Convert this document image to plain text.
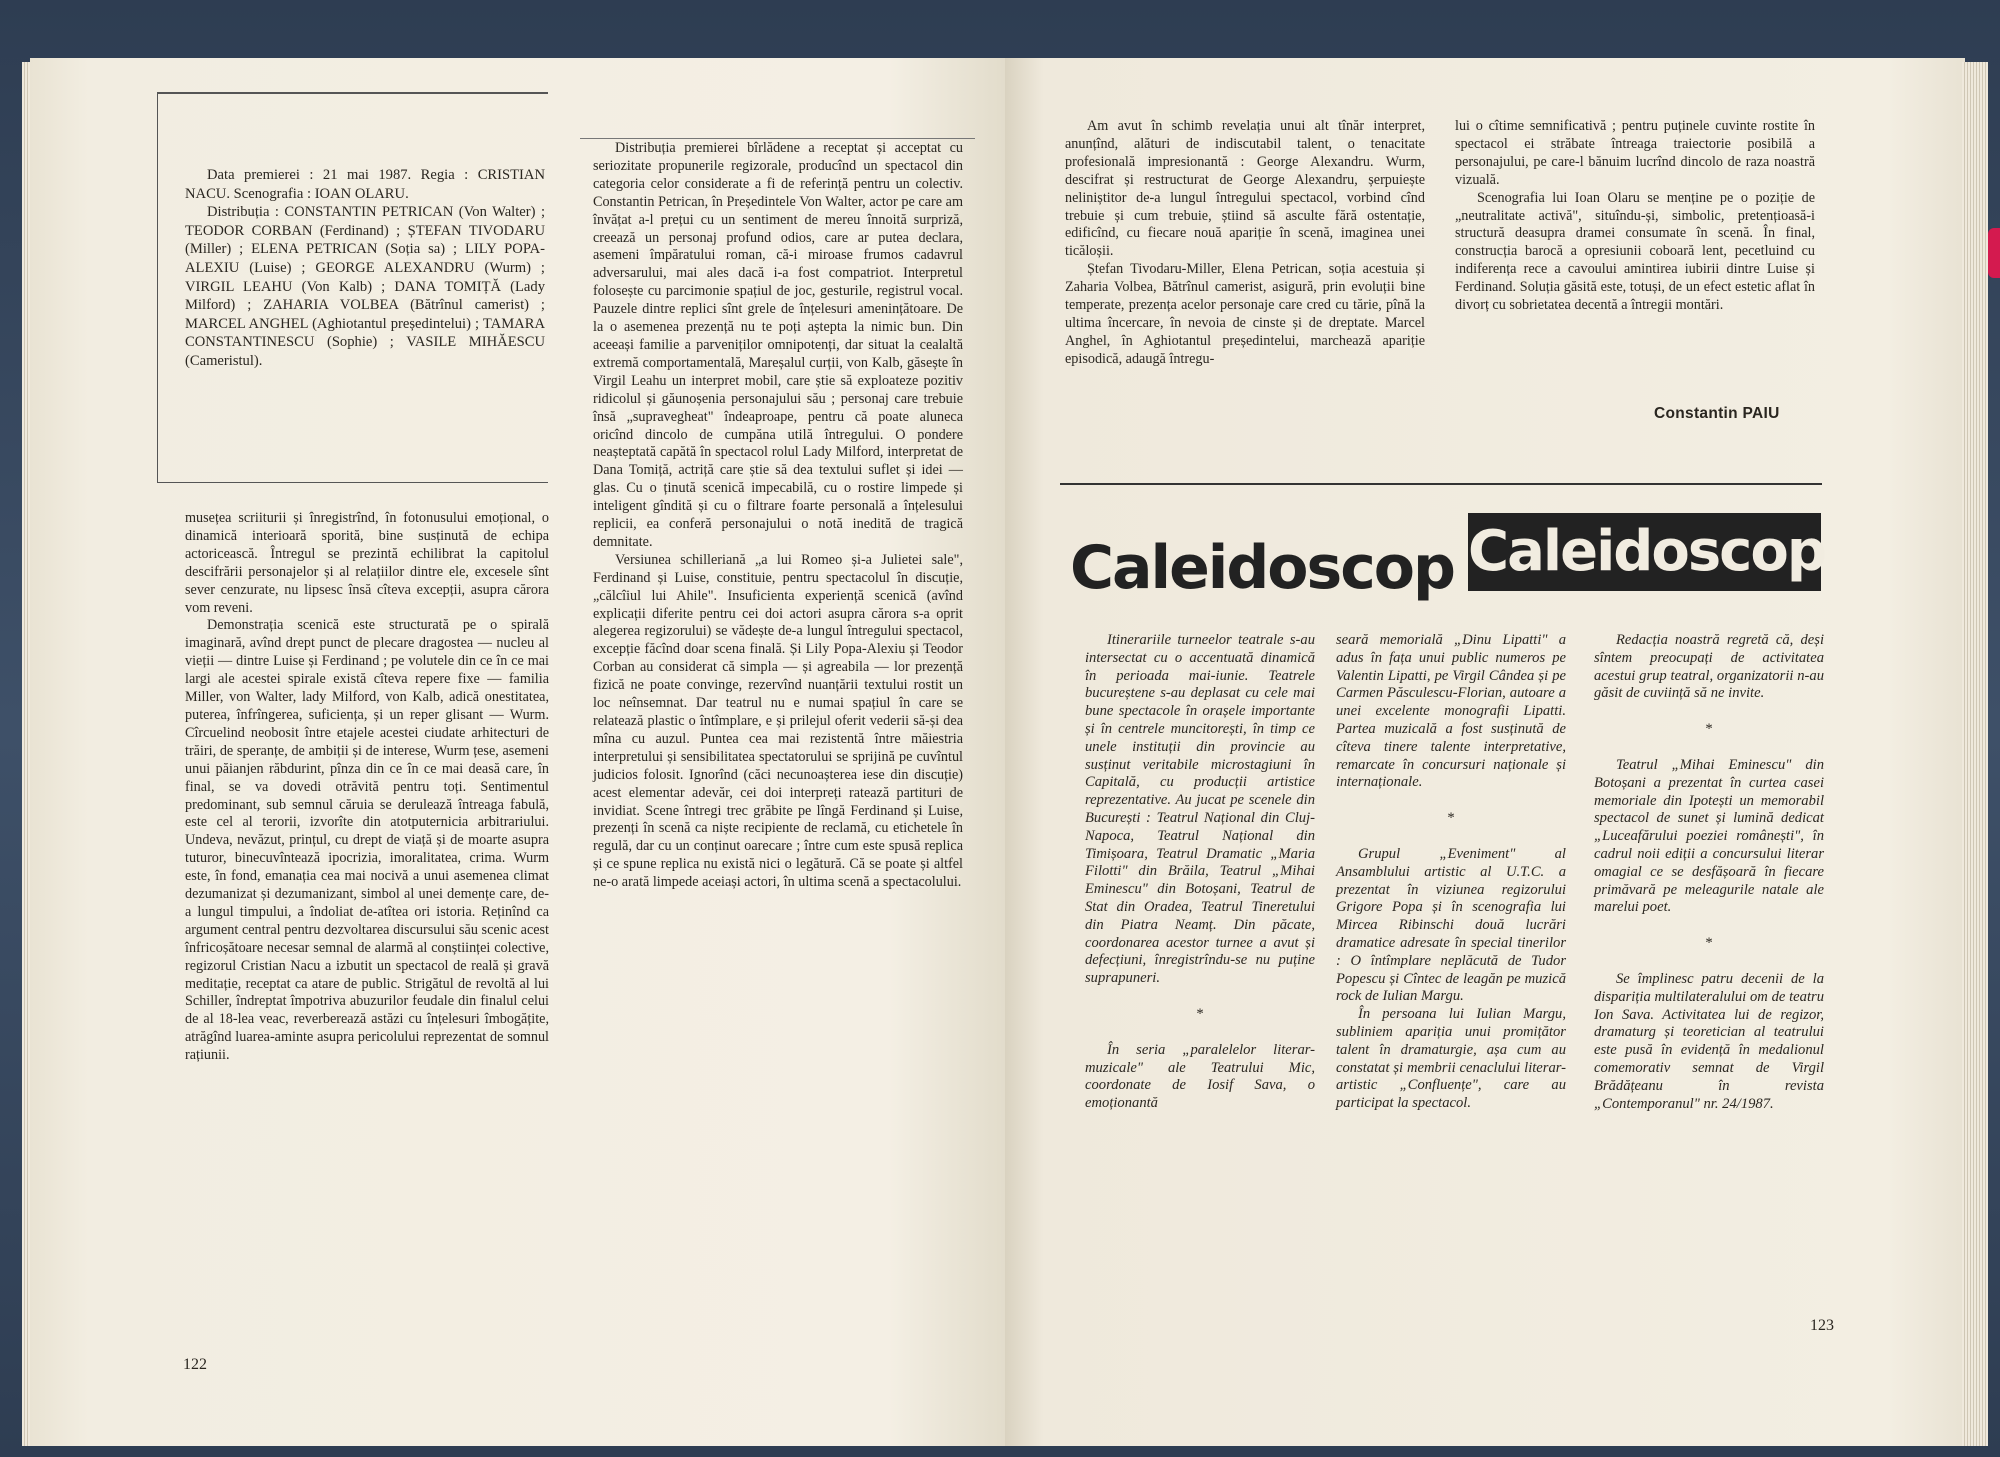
Data premierei : 21 mai 1987. Regia : CRISTIAN NACU. Scenografia : IOAN OLARU.

Distribuția : CONSTANTIN PETRICAN (Von Walter) ; TEODOR CORBAN (Ferdinand) ; ȘTEFAN TIVODARU (Miller) ; ELENA PETRICAN (Soția sa) ; LILY POPA-ALEXIU (Luise) ; GEORGE ALEXANDRU (Wurm) ; VIRGIL LEAHU (Von Kalb) ; DANA TOMIȚĂ (Lady Milford) ; ZAHARIA VOLBEA (Bătrînul camerist) ; MARCEL ANGHEL (Aghiotantul președintelui) ; TAMARA CONSTANTINESCU (Sophie) ; VASILE MIHĂESCU (Cameristul).

musețea scriiturii și înregistrînd, în fotonusului emoțional, o dinamică interioară sporită, bine susținută de echipa actoricească. Întregul se prezintă echilibrat la capitolul descifrării personajelor și al relațiilor dintre ele, excesele sînt sever cenzurate, nu lipsesc însă cîteva excepții, asupra cărora vom reveni.

Demonstrația scenică este structurată pe o spirală imaginară, avînd drept punct de plecare dragostea — nucleu al vieții — dintre Luise și Ferdinand ; pe volutele din ce în ce mai largi ale acestei spirale există cîteva repere fixe — familia Miller, von Walter, lady Milford, von Kalb, adică onestitatea, puterea, înfrîngerea, suficiența, și un reper glisant — Wurm. Cîrcuelind neobosit între etajele acestei ciudate arhitecturi de trăiri, de speranțe, de ambiții și de interese, Wurm țese, asemeni unui păianjen răbdurint, pînza din ce în ce mai deasă care, în final, se va dovedi otrăvită pentru toți. Sentimentul predominant, sub semnul căruia se derulează întreaga fabulă, este cel al terorii, izvorîte din atotputernicia arbitrariului. Undeva, nevăzut, prințul, cu drept de viață și de moarte asupra tuturor, binecuvîntează ipocrizia, imoralitatea, crima. Wurm este, în fond, emanația cea mai nocivă a unui asemenea climat dezumanizat și dezumanizant, simbol al unei demențe care, de-a lungul timpului, a îndoliat de-atîtea ori istoria. Reținînd ca argument central pentru dezvoltarea discursului său scenic acest înfricoșătoare necesar semnal de alarmă al conștiinței colective, regizorul Cristian Nacu a izbutit un spectacol de reală și gravă meditație, receptat ca atare de public. Strigătul de revoltă al lui Schiller, îndreptat împotriva abuzurilor feudale din finalul celui de al 18-lea veac, reverberează astăzi cu înțelesuri îmbogățite, atrăgînd luarea-aminte asupra pericolului reprezentat de somnul rațiunii.

Distribuția premierei bîrlădene a receptat și acceptat cu seriozitate propunerile regizorale, producînd un spectacol din categoria celor considerate a fi de referință pentru un colectiv. Constantin Petrican, în Președintele Von Walter, actor pe care am învățat a-l prețui cu un sentiment de mereu înnoită surpriză, creează un personaj profund odios, care ar putea declara, asemeni împăratului roman, că-i miroase frumos cadavrul adversarului, mai ales dacă i-a fost compatriot. Interpretul folosește cu parcimonie spațiul de joc, gesturile, registrul vocal. Pauzele dintre replici sînt grele de înțelesuri amenințătoare. De la o asemenea prezență nu te poți aștepta la nimic bun. Din aceeași familie a parveniților omnipotenți, dar situat la cealaltă extremă comportamentală, Mareșalul curții, von Kalb, găsește în Virgil Leahu un interpret mobil, care știe să exploateze pozitiv ridicolul și găunoșenia personajului său ; personaj care trebuie însă „supravegheat" îndeaproape, pentru că poate aluneca oricînd dincolo de cumpăna utilă întregului. O pondere neașteptată capătă în spectacol rolul Lady Milford, interpretat de Dana Tomiță, actriță care știe să dea textului suflet și idei — glas. Cu o ținută scenică impecabilă, cu o rostire limpede și inteligent gîndită și cu o filtrare foarte personală a înțelesului replicii, ea conferă personajului o notă inedită de tragică demnitate.

Versiunea schilleriană „a lui Romeo și-a Julietei sale", Ferdinand și Luise, constituie, pentru spectacolul în discuție, „călcîiul lui Ahile". Insuficienta experiență scenică (avînd explicații diferite pentru cei doi actori asupra cărora s-a oprit alegerea regizorului) se vădește de-a lungul întregului spectacol, excepție făcînd doar scena finală. Și Lily Popa-Alexiu și Teodor Corban au considerat că simpla — și agreabila — lor prezență fizică ne poate convinge, rezervînd nuanțării textului rostit un loc neînsemnat. Dar teatrul nu e numai spațiul în care se relatează plastic o întîmplare, e și prilejul oferit vederii să-și dea mîna cu auzul. Puntea cea mai rezistentă între măiestria interpretului și sensibilitatea spectatorului se sprijină pe cuvîntul judicios folosit. Ignorînd (căci necunoașterea iese din discuție) acest elementar adevăr, cei doi interpreți ratează partituri de invidiat. Scene întregi trec grăbite pe lîngă Ferdinand și Luise, prezenți în scenă ca niște recipiente de reclamă, cu etichetele în regulă, dar cu un conținut oarecare ; între cum este spusă replica și ce spune replica nu există nici o legătură. Că se poate și altfel ne-o arată limpede aceiași actori, în ultima scenă a spectacolului.

122

Am avut în schimb revelația unui alt tînăr interpret, anunțînd, alături de indiscutabil talent, o tenacitate profesională impresionantă : George Alexandru. Wurm, descifrat și restructurat de George Alexandru, șerpuiește neliniștitor de-a lungul întregului spectacol, vorbind cînd trebuie și cum trebuie, știind să asculte fără ostentație, edificînd, cu fiecare nouă apariție în scenă, imaginea unei ticăloșii.

Ștefan Tivodaru-Miller, Elena Petrican, soția acestuia și Zaharia Volbea, Bătrînul camerist, asigură, prin evoluții bine temperate, prezența acelor personaje care cred cu tărie, pînă la ultima încercare, în nevoia de cinste și de dreptate. Marcel Anghel, în Aghiotantul președintelui, marchează apariție episodică, adaugă întregu-

lui o cîtime semnificativă ; pentru puținele cuvinte rostite în spectacol ei străbate întreaga traiectorie posibilă a personajului, pe care-l bănuim lucrînd dincolo de raza noastră vizuală.

Scenografia lui Ioan Olaru se menține pe o poziție de „neutralitate activă", situîndu-și, simbolic, pretențioasă-i structură deasupra dramei consumate în scenă. În final, construcția barocă a opresiunii coboară lent, pecetluind cu indiferența rece a cavoului amintirea iubirii dintre Luise și Ferdinand. Soluția găsită este, totuși, de un efect estetic aflat în divorț cu sobrietatea decentă a întregii montări.

Constantin PAIU
Caleidoscop Caleidoscop

Itinerariile turneelor teatrale s-au intersectat cu o accentuată dinamică în perioada mai-iunie. Teatrele bucureștene s-au deplasat cu cele mai bune spectacole în orașele importante și în centrele muncitorești, în timp ce unele instituții din provincie au susținut veritabile microstagiuni în Capitală, cu producții artistice reprezentative. Au jucat pe scenele din București : Teatrul Național din Cluj-Napoca, Teatrul Național din Timișoara, Teatrul Dramatic „Maria Filotti" din Brăila, Teatrul „Mihai Eminescu" din Botoșani, Teatrul de Stat din Oradea, Teatrul Tineretului din Piatra Neamț. Din păcate, coordonarea acestor turnee a avut și defecțiuni, înregistrîndu-se nu puține suprapuneri.

*

În seria „paralelelor literar-muzicale" ale Teatrului Mic, coordonate de Iosif Sava, o emoționantă

seară memorială „Dinu Lipatti" a adus în fața unui public numeros pe Valentin Lipatti, pe Virgil Cândea și pe Carmen Păsculescu-Florian, autoare a unei excelente monografii Lipatti. Partea muzicală a fost susținută de cîteva tinere talente interpretative, remarcate în concursuri naționale și internaționale.

*

Grupul „Eveniment" al Ansamblului artistic al U.T.C. a prezentat în viziunea regizorului Grigore Popa și în scenografia lui Mircea Ribinschi două lucrări dramatice adresate în special tinerilor : O întîmplare neplăcută de Tudor Popescu și Cîntec de leagăn pe muzică rock de Iulian Margu.

În persoana lui Iulian Margu, subliniem apariția unui promițător talent în dramaturgie, așa cum au constatat și membrii cenaclului literar-artistic „Confluențe", care au participat la spectacol.

Redacția noastră regretă că, deși sîntem preocupați de activitatea acestui grup teatral, organizatorii n-au găsit de cuviință să ne invite.

*

Teatrul „Mihai Eminescu" din Botoșani a prezentat în curtea casei memoriale din Ipotești un memorabil spectacol de sunet și lumină dedicat „Luceafărului poeziei românești", în cadrul noii ediții a concursului literar omagial ce se desfășoară în fiecare primăvară pe meleagurile natale ale marelui poet.

*

Se împlinesc patru decenii de la dispariția multilateralului om de teatru Ion Sava. Activitatea lui de regizor, dramaturg și teoretician al teatrului este pusă în evidență în medalionul comemorativ semnat de Virgil Brădățeanu în revista „Contemporanul" nr. 24/1987.

123
